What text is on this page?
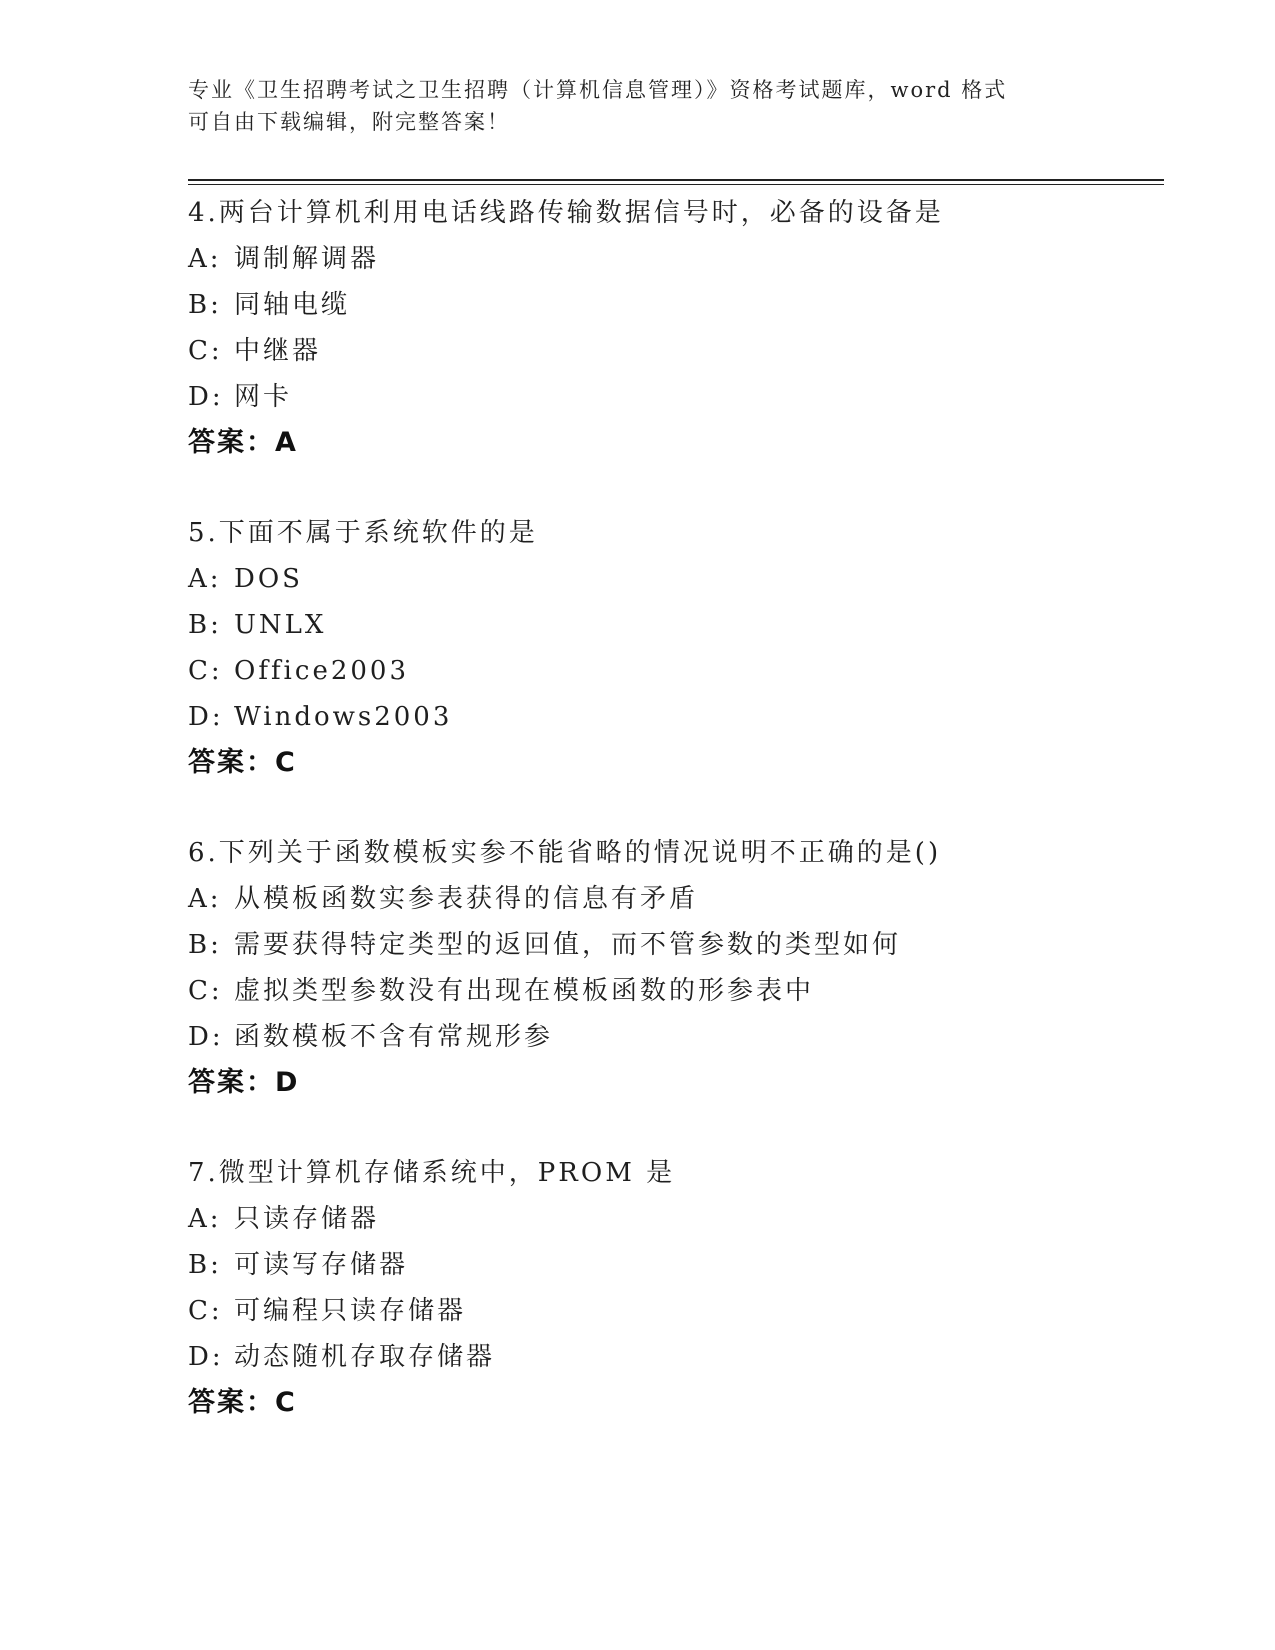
专业《卫生招聘考试之卫生招聘（计算机信息管理）》资格考试题库，word 格式
可自由下载编辑，附完整答案！
4.两台计算机利用电话线路传输数据信号时，必备的设备是
A: 调制解调器
B: 同轴电缆
C: 中继器
D: 网卡
答案：A
5.下面不属于系统软件的是
A: DOS
B: UNLX
C: Office2003
D: Windows2003
答案：C
6.下列关于函数模板实参不能省略的情况说明不正确的是()
A: 从模板函数实参表获得的信息有矛盾
B: 需要获得特定类型的返回值，而不管参数的类型如何
C: 虚拟类型参数没有出现在模板函数的形参表中
D: 函数模板不含有常规形参
答案：D
7.微型计算机存储系统中，PROM 是
A: 只读存储器
B: 可读写存储器
C: 可编程只读存储器
D: 动态随机存取存储器
答案：C
